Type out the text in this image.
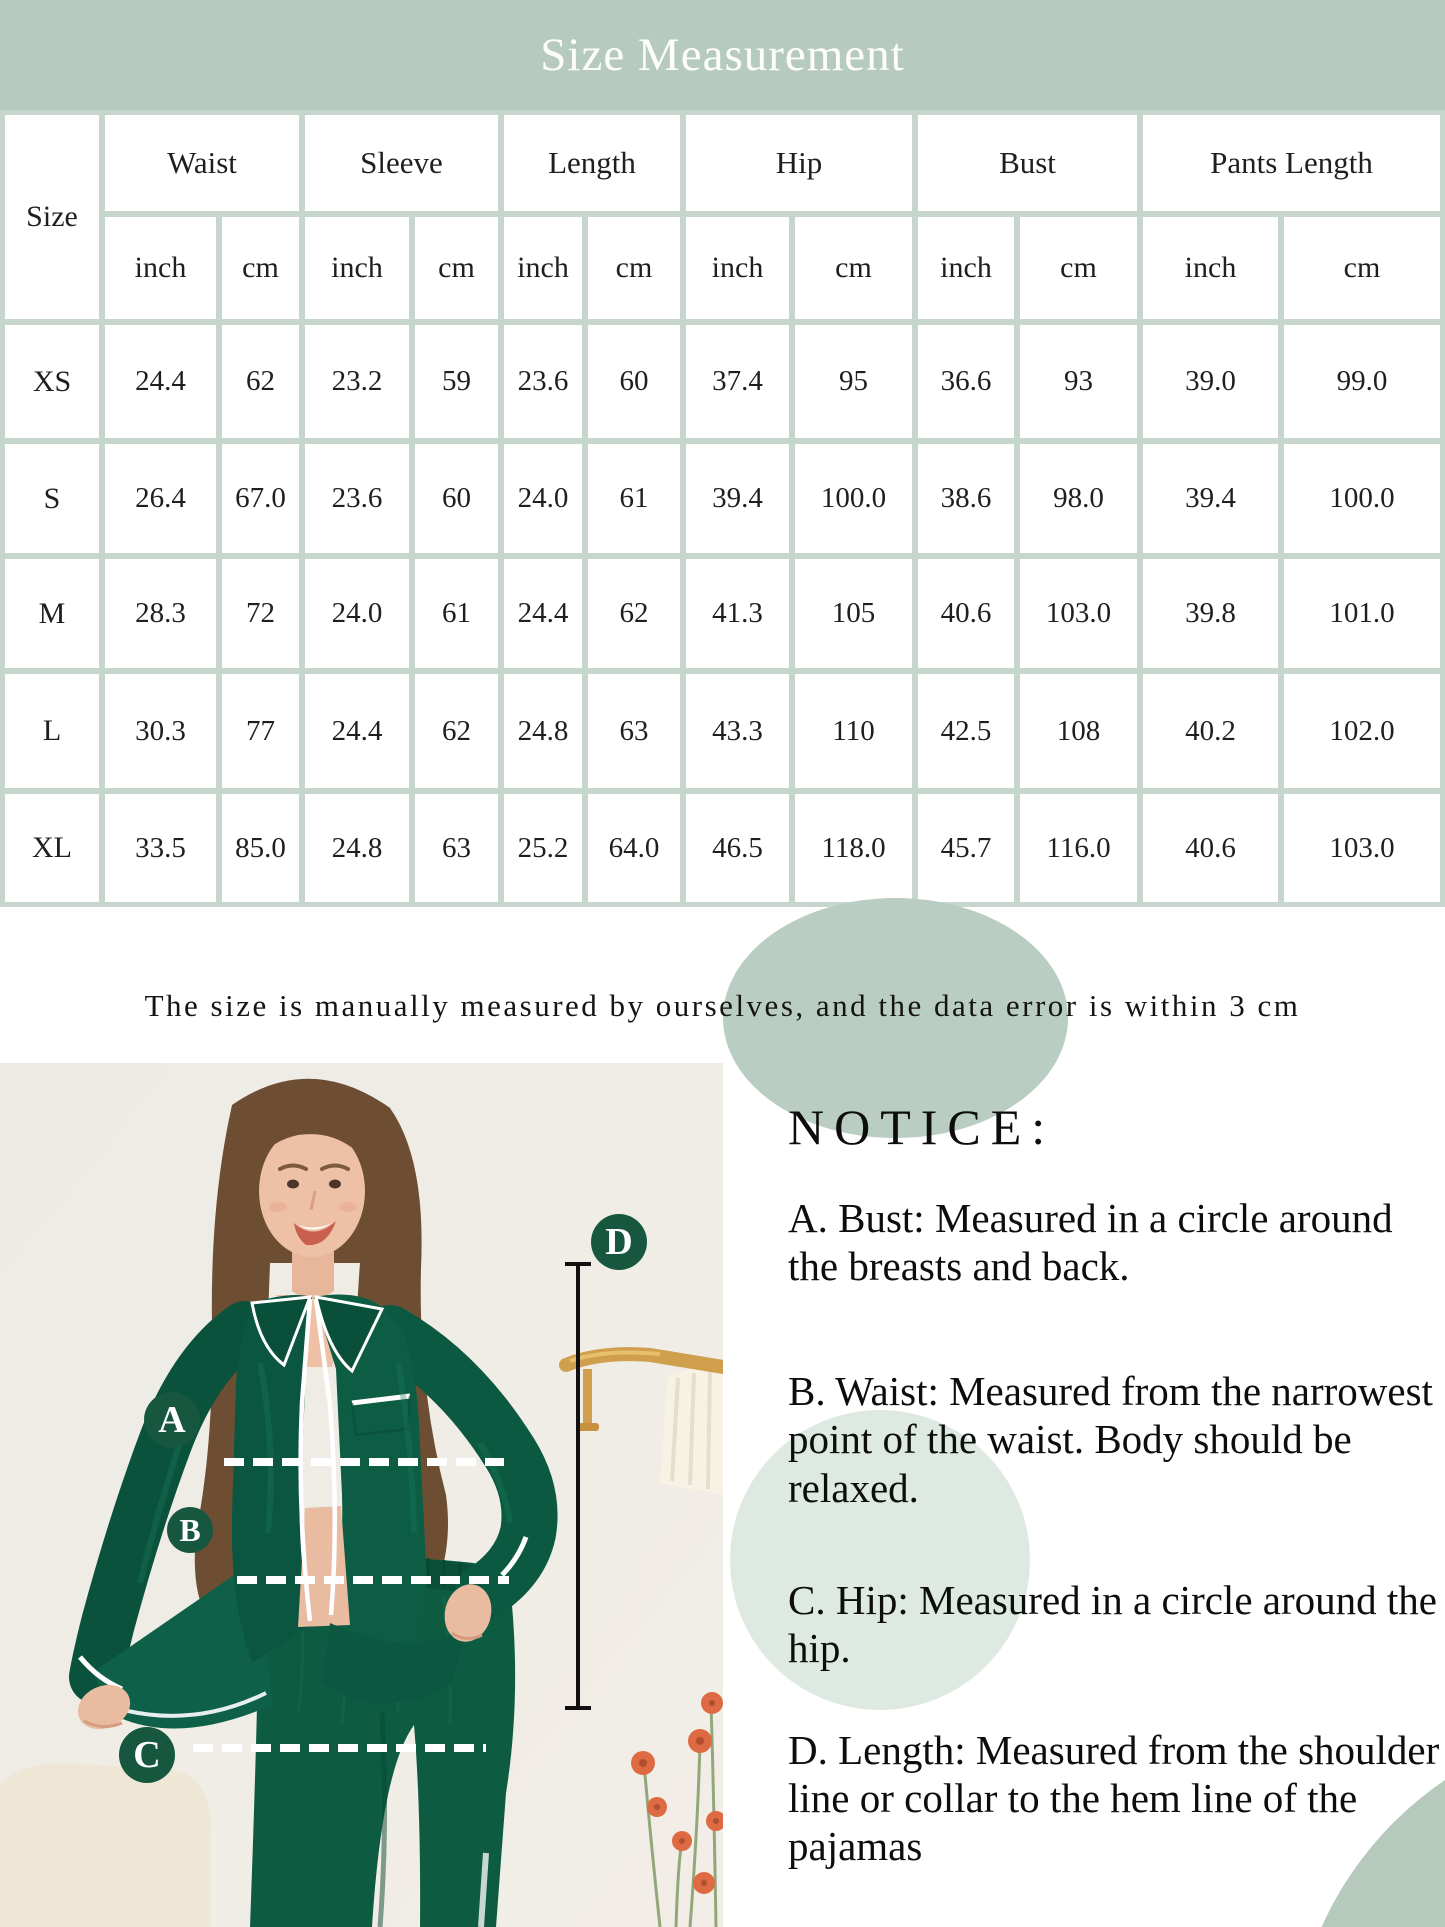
Size Measurement
Size
Waist	Sleeve	Length	Hip	Bust	Pants Length
inch	cm	inch	cm	inch	cm	inch	cm	inch	cm	inch	cm
XS	24.4	62	23.2	59	23.6	60	37.4	95	36.6	93	39.0	99.0
S	26.4	67.0	23.6	60	24.0	61	39.4	100.0	38.6	98.0	39.4	100.0
M	28.3	72	24.0	61	24.4	62	41.3	105	40.6	103.0	39.8	101.0
L	30.3	77	24.4	62	24.8	63	43.3	110	42.5	108	40.2	102.0
XL	33.5	85.0	24.8	63	25.2	64.0	46.5	118.0	45.7	116.0	40.6	103.0
The size is manually measured by ourselves, and the data error is within 3 cm
A
B
C
D
NOTICE:

A. Bust: Measured in a circle around the breasts and back.

B. Waist: Measured from the narrowest point of the waist. Body should be relaxed.

C. Hip: Measured in a circle around the hip.

D. Length: Measured from the shoulder line or collar to the hem line of the pajamas
